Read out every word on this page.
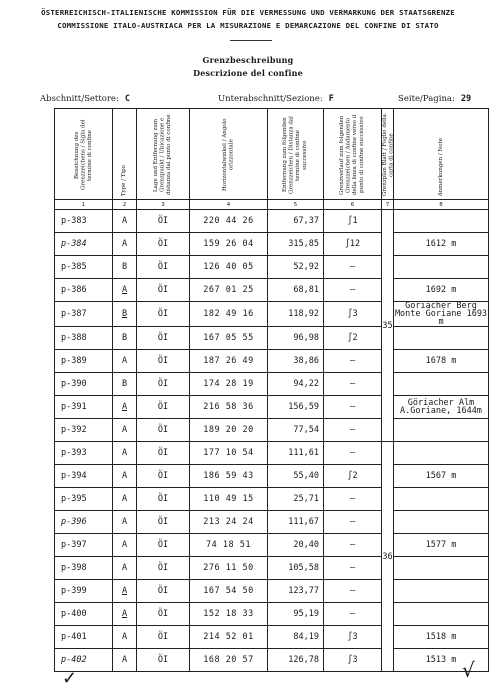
ÖSTERREICHISCH-ITALIENISCHE KOMMISSION FÜR DIE VERMESSUNG UND VERMARKUNG DER STAATSGRENZE
COMMISSIONE ITALO-AUSTRIACA PER LA MISURAZIONE E DEMARCAZIONE DEL CONFINE DI STATO
Grenzbeschreibung
Descrizione del confine
Abschnitt/Settore: C	Unterabschnitt/Sezione: F	Seite/Pagina: 29
Bezeichnung des Grenzzeichens / Sigla del termine di confine	Type / Tipo	Lage und Entfernung zum Grenzpunkt / Ubicazione e distanza dal punto di confine	Horizontalwinkel / Angolo orizzontale	Entfernung zum folgenden Grenzzeichen / Distanza dal termine di confine successivo	Grenzverlauf zum folgenden Grenzzeichen / Andamento della linea di confine verso il punto di confine successivo	Grenzplan Blatt / Foglio della carta di confine	Anmerkungen / Note

1	2	3	4	5	6	7	8
p-383	A	ÖI	220 44 26	67,37	∫1	35	
p-384	A	ÖI	159 26 04	315,85	∫12		1612 m
p-385	B	ÖI	126 40 05	52,92	—		
p-386	A	ÖI	267 01 25	68,81	—		1692 m
p-387	B	ÖI	182 49 16	118,92	∫3		Göriacher Berg Monte Goriane 1693 m
p-388	B	ÖI	167 05 55	96,98	∫2		
p-389	A	ÖI	187 26 49	38,86	—		1678 m
p-390	B	ÖI	174 28 19	94,22	—		
p-391	A	ÖI	216 58 36	156,59	—		Göriacher Alm A.Goriane, 1644m
p-392	A	ÖI	189 20 20	77,54	—		
p-393	A	ÖI	177 10 54	111,61	—	36	
p-394	A	ÖI	186 59 43	55,40	∫2		1567 m
p-395	A	ÖI	110 49 15	25,71	—		
p-396	A	ÖI	213 24 24	111,67	—		
p-397	A	ÖI	74 18 51	20,40	—		1577 m
p-398	A	ÖI	276 11 50	105,58	—		
p-399	A	ÖI	167 54 50	123,77	—		
p-400	A	ÖI	152 18 33	95,19	—		
p-401	A	ÖI	214 52 01	84,19	∫3		1518 m
p-402	A	ÖI	168 20 57	126,78	∫3		1513 m
✓	√
